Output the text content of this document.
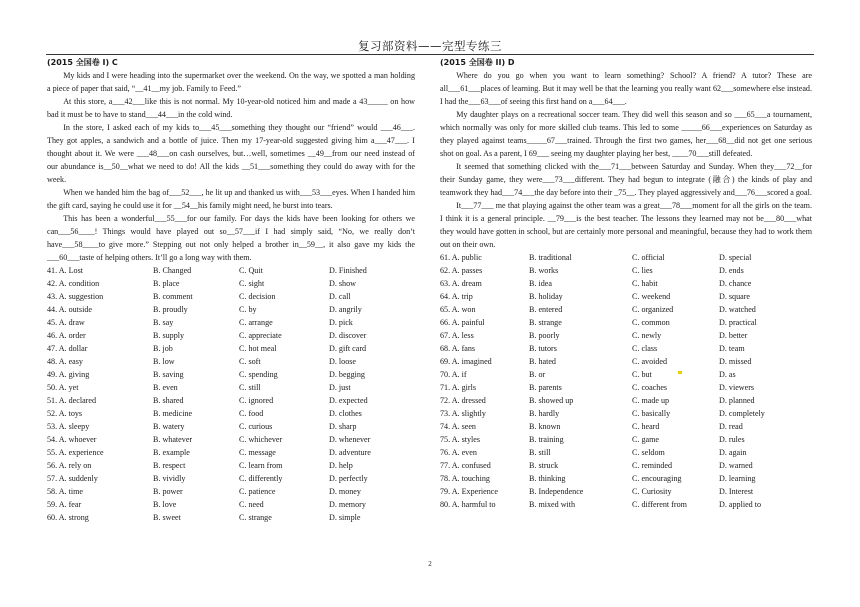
复习部资料——完型专练三
(2015 全国卷 I) C

My kids and I were heading into the supermarket over the weekend. On the way, we spotted a man holding a piece of paper that said, “__41__my job. Family to Feed.”

At this store, a___42___like this is not normal. My 10-year-old noticed him and made a 43_____ on how bad it must be to have to stand___44___in the cold wind.

In the store, I asked each of my kids to___45___something they thought our “friend” would ___46___. They got apples, a sandwich and a bottle of juice. Then my 17-year-old suggested giving him a___47___. I thought about it. We were ___48___on cash ourselves, but…well, sometimes __49__from our need instead of our abundance is__50__what we need to do! All the kids __51___something they could do away with for the week.

When we handed him the bag of___52___, he lit up and thanked us with___53___eyes. When I handed him the gift card, saying he could use it for __54__his family might need, he burst into tears.

This has been a wonderful___55___for our family. For days the kids have been looking for others we can___56____! Things would have played out so__57___if I had simply said, “No, we really don’t have___58____to give more.” Stepping out not only helped a brother in__59__, it also gave my kids the ___60___taste of helping others. It’ll go a long way with them.

41. A. Lost	B. Changed	C. Quit	D. Finished
42. A. condition	B. place	C. sight	D. show
43. A. suggestion	B. comment	C. decision	D. call
44. A. outside	B. proudly	C. by	D. angrily
45. A. draw	B. say	C. arrange	D. pick
46. A. order	B. supply	C. appreciate	D. discover
47. A. dollar	B. job	C. hot meal	D. gift card
48. A. easy	B. low	C. soft	D. loose
49. A. giving	B. saving	C. spending	D. begging
50. A. yet	B. even	C. still	D. just
51. A. declared	B. shared	C. ignored	D. expected
52. A. toys	B. medicine	C. food	D. clothes
53. A. sleepy	B. watery	C. curious	D. sharp
54. A. whoever	B. whatever	C. whichever	D. whenever
55. A. experience	B. example	C. message	D. adventure
56. A. rely on	B. respect	C. learn from	D. help
57. A. suddenly	B. vividly	C. differently	D. perfectly
58. A. time	B. power	C. patience	D. money
59. A. fear	B. love	C. need	D. memory
60. A. strong	B. sweet	C. strange	D. simple
(2015 全国卷 II) D

Where do you go when you want to learn something? School? A friend? A tutor? These are all___61___places of learning. But it may well be that the learning you really want 62___somewhere else instead. I had the___63___of seeing this first hand on a___64___.

My daughter plays on a recreational soccer team. They did well this season and so ___65___a tournament, which normally was only for more skilled club teams. This led to some _____66___experiences on Saturday as they played against teams_____67___trained. Through the first two games, her___68__did not get one serious shot on goal. As a parent, I 69___ seeing my daughter playing her best, ____70___still defeated.

It seemed that something clicked with the___71___between Saturday and Sunday. When they___72__for their Sunday game, they were___73___different. They had begun to integrate (融合) the kinds of play and teamwork they had___74___the day before into their _75__. They played aggressively and___76___scored a goal.

It___77___ me that playing against the other team was a great___78___moment for all the girls on the team. I think it is a general principle. __79___is the best teacher. The lessons they learned may not be___80___what they would have gotten in school, but are certainly more personal and meaningful, because they had to work them out on their own.

61. A. public	B. traditional	C. official	D. special
62. A. passes	B. works	C. lies	D. ends
63. A. dream	B. idea	C. habit	D. chance
64. A. trip	B. holiday	C. weekend	D. square
65. A. won	B. entered	C. organized	D. watched
66. A. painful	B. strange	C. common	D. practical
67. A. less	B. poorly	C. newly	D. better
68. A. fans	B. tutors	C. class	D. team
69. A. imagined	B. hated	C. avoided	D. missed
70. A. if	B. or	C. but	D. as
71. A. girls	B. parents	C. coaches	D. viewers
72. A. dressed	B. showed up	C. made up	D. planned
73. A. slightly	B. hardly	C. basically	D. completely
74. A. seen	B. known	C. heard	D. read
75. A. styles	B. training	C. game	D. rules
76. A. even	B. still	C. seldom	D. again
77. A. confused	B. struck	C. reminded	D. warned
78. A. touching	B. thinking	C. encouraging	D. learning
79. A. Experience	B. Independence	C. Curiosity	D. Interest
80. A. harmful to	B. mixed with	C. different from	D. applied to
2
